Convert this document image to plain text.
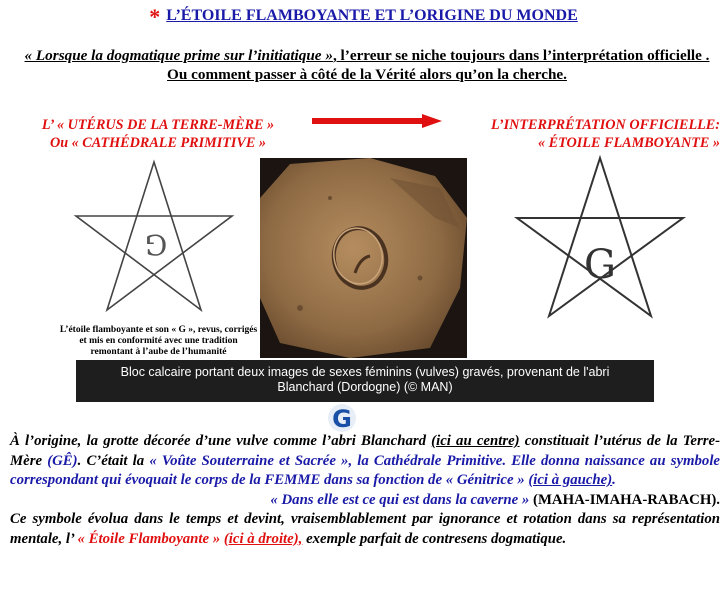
* L’ÉTOILE FLAMBOYANTE ET L’ORIGINE DU MONDE
« Lorsque la dogmatique prime sur l’initiatique », l’erreur se niche toujours dans l’interprétation officielle . Ou comment passer à côté de la Vérité alors qu’on la cherche.
L’ « UTÉRUS DE LA TERRE-MÈRE »
Ou « CATHÉDRALE PRIMITIVE »
L’INTERPRÉTATION OFFICIELLE:
« ÉTOILE FLAMBOYANTE »
G
L’étoile flamboyante et son « G », revus, corrigés
et mis en conformité avec une tradition
remontant à l’aube de l’humanité
G
Bloc calcaire portant deux images de sexes féminins (vulves) gravés, provenant de l'abri
Blanchard (Dordogne) (© MAN)
G

À l’origine, la grotte décorée d’une vulve comme l’abri Blanchard (ici au centre) constituait l’utérus de la Terre-Mère (GÊ). C’était la « Voûte Souterraine et Sacrée », la Cathédrale Primitive. Elle donna naissance au symbole correspondant qui évoquait le corps de la FEMME dans sa fonction de « Génitrice » (ici à gauche).

« Dans elle est ce qui est dans la caverne » (MAHA-IMAHA-RABACH).

Ce symbole évolua dans le temps et devint, vraisemblablement par ignorance et rotation dans sa représentation mentale, l’ « Étoile Flamboyante » (ici à droite), exemple parfait de contresens dogmatique.
